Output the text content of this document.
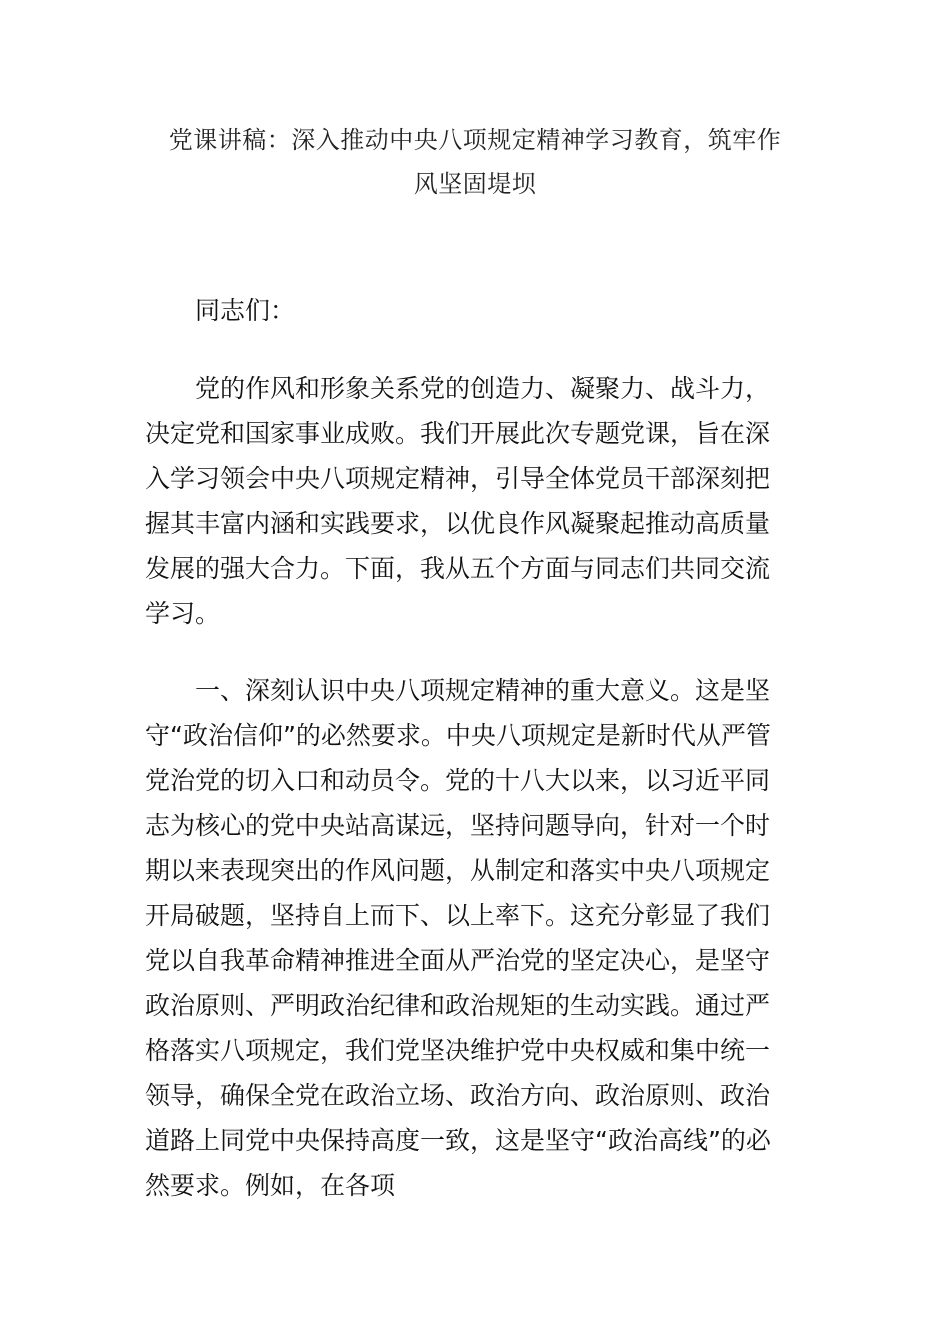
党课讲稿：深入推动中央八项规定精神学习教育，筑牢作
风坚固堤坝
同志们：
党的作风和形象关系党的创造力、凝聚力、战斗力，
决定党和国家事业成败。我们开展此次专题党课，旨在深
入学习领会中央八项规定精神，引导全体党员干部深刻把
握其丰富内涵和实践要求，以优良作风凝聚起推动高质量
发展的强大合力。下面，我从五个方面与同志们共同交流
学习。
一、深刻认识中央八项规定精神的重大意义。这是坚
守“政治信仰”的必然要求。中央八项规定是新时代从严管
党治党的切入口和动员令。党的十八大以来，以习近平同
志为核心的党中央站高谋远，坚持问题导向，针对一个时
期以来表现突出的作风问题，从制定和落实中央八项规定
开局破题，坚持自上而下、以上率下。这充分彰显了我们
党以自我革命精神推进全面从严治党的坚定决心，是坚守
政治原则、严明政治纪律和政治规矩的生动实践。通过严
格落实八项规定，我们党坚决维护党中央权威和集中统一
领导，确保全党在政治立场、政治方向、政治原则、政治
道路上同党中央保持高度一致，这是坚守“政治高线”的必
然要求。例如，在各项
